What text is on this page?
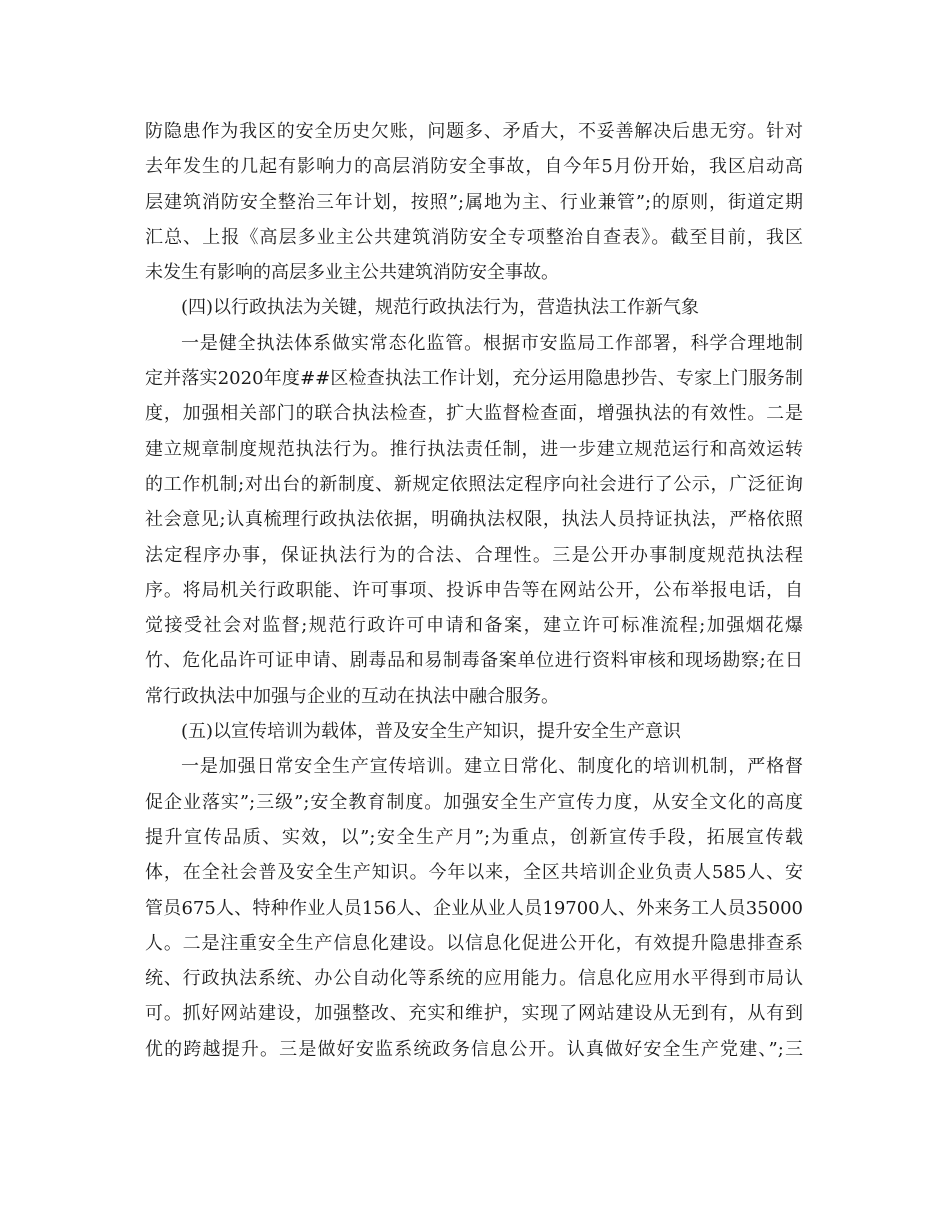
防隐患作为我区的安全历史欠账，问题多、矛盾大，不妥善解决后患无穷。针对
去年发生的几起有影响力的高层消防安全事故，自今年5月份开始，我区启动高
层建筑消防安全整治三年计划，按照”;属地为主、行业兼管”;的原则，街道定期
汇总、上报《高层多业主公共建筑消防安全专项整治自查表》。截至目前，我区
未发生有影响的高层多业主公共建筑消防安全事故。
(四)以行政执法为关键，规范行政执法行为，营造执法工作新气象
一是健全执法体系做实常态化监管。根据市安监局工作部署，科学合理地制
定并落实2020年度##区检查执法工作计划，充分运用隐患抄告、专家上门服务制
度，加强相关部门的联合执法检查，扩大监督检查面，增强执法的有效性。二是
建立规章制度规范执法行为。推行执法责任制，进一步建立规范运行和高效运转
的工作机制;对出台的新制度、新规定依照法定程序向社会进行了公示，广泛征询
社会意见;认真梳理行政执法依据，明确执法权限，执法人员持证执法，严格依照
法定程序办事，保证执法行为的合法、合理性。三是公开办事制度规范执法程
序。将局机关行政职能、许可事项、投诉申告等在网站公开，公布举报电话，自
觉接受社会对监督;规范行政许可申请和备案，建立许可标准流程;加强烟花爆
竹、危化品许可证申请、剧毒品和易制毒备案单位进行资料审核和现场勘察;在日
常行政执法中加强与企业的互动在执法中融合服务。
(五)以宣传培训为载体，普及安全生产知识，提升安全生产意识
一是加强日常安全生产宣传培训。建立日常化、制度化的培训机制，严格督
促企业落实”;三级”;安全教育制度。加强安全生产宣传力度，从安全文化的高度
提升宣传品质、实效，以”;安全生产月”;为重点，创新宣传手段，拓展宣传载
体，在全社会普及安全生产知识。今年以来，全区共培训企业负责人585人、安
管员675人、特种作业人员156人、企业从业人员19700人、外来务工人员35000
人。二是注重安全生产信息化建设。以信息化促进公开化，有效提升隐患排查系
统、行政执法系统、办公自动化等系统的应用能力。信息化应用水平得到市局认
可。抓好网站建设，加强整改、充实和维护，实现了网站建设从无到有，从有到
优的跨越提升。三是做好安监系统政务信息公开。认真做好安全生产党建、”;三
